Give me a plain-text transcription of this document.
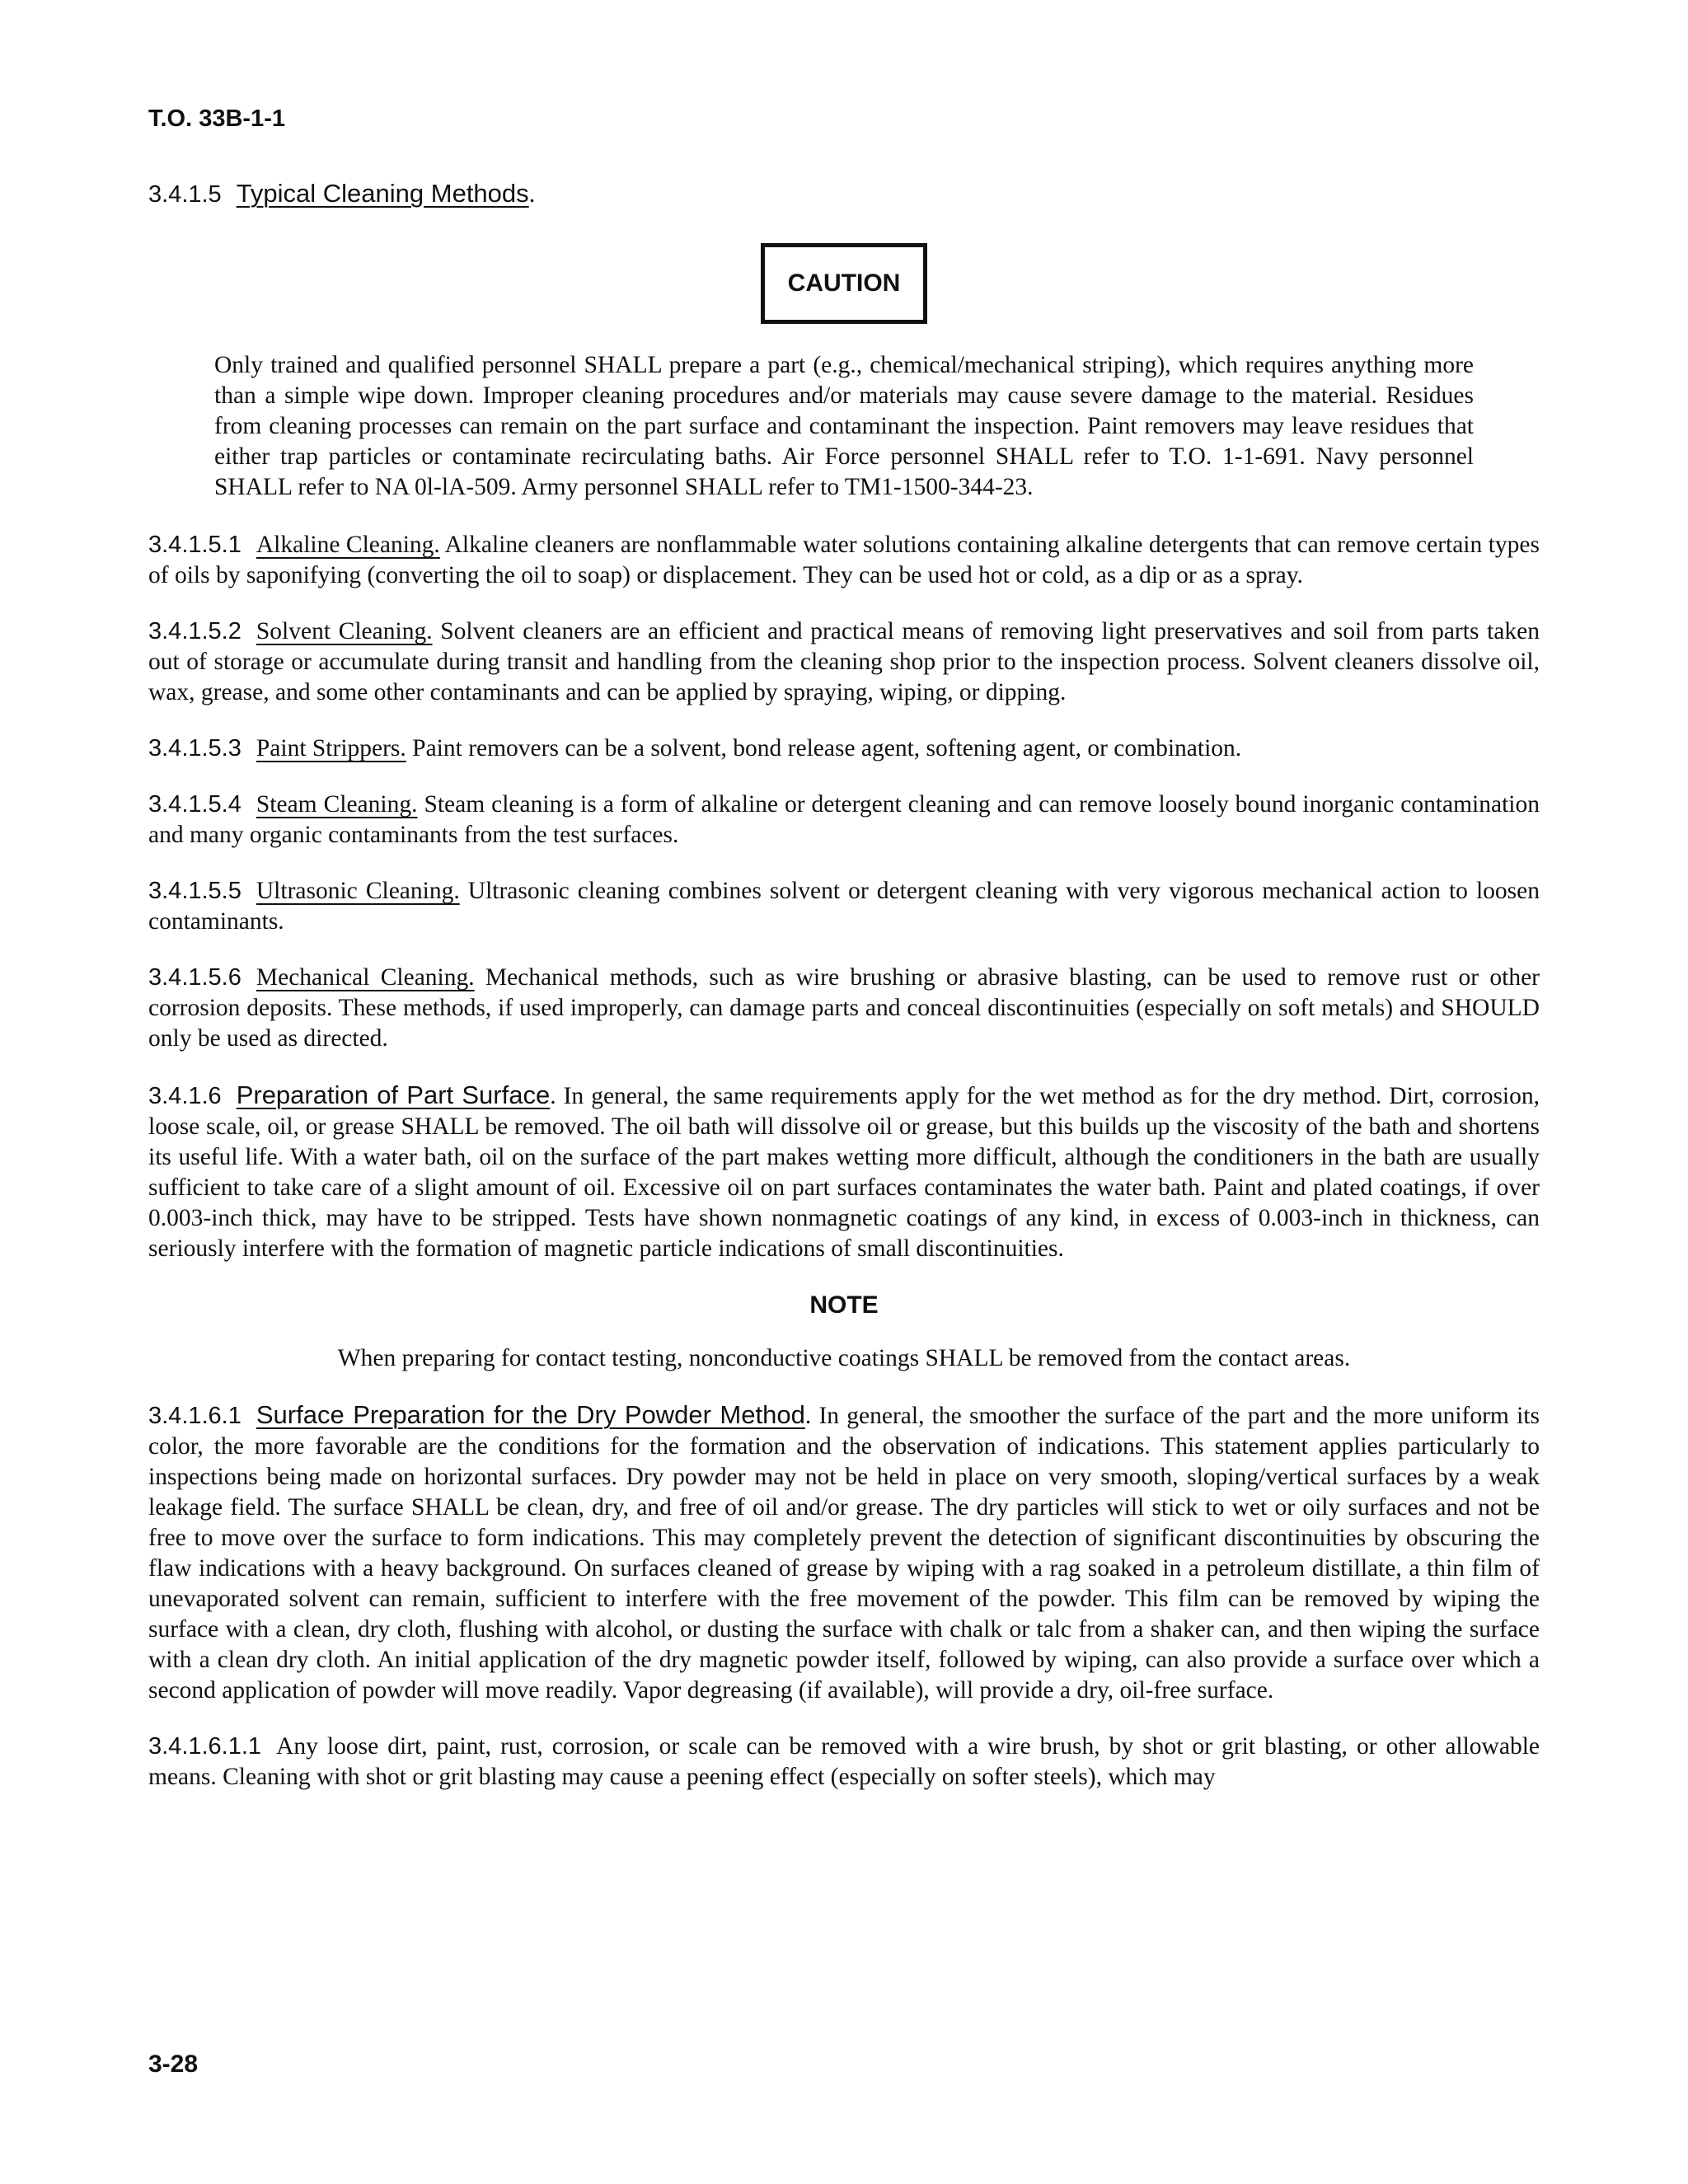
T.O. 33B-1-1

3.4.1.5 Typical Cleaning Methods.

CAUTION

Only trained and qualified personnel SHALL prepare a part (e.g., chemical/mechanical striping), which requires anything more than a simple wipe down. Improper cleaning procedures and/or materials may cause severe damage to the material. Residues from cleaning processes can remain on the part surface and contaminant the inspection. Paint removers may leave residues that either trap particles or contaminate recirculating baths. Air Force personnel SHALL refer to T.O. 1-1-691. Navy personnel SHALL refer to NA 0l-lA-509. Army personnel SHALL refer to TM1-1500-344-23.

3.4.1.5.1 Alkaline Cleaning. Alkaline cleaners are nonflammable water solutions containing alkaline detergents that can remove certain types of oils by saponifying (converting the oil to soap) or displacement. They can be used hot or cold, as a dip or as a spray.

3.4.1.5.2 Solvent Cleaning. Solvent cleaners are an efficient and practical means of removing light preservatives and soil from parts taken out of storage or accumulate during transit and handling from the cleaning shop prior to the inspection process. Solvent cleaners dissolve oil, wax, grease, and some other contaminants and can be applied by spraying, wiping, or dipping.

3.4.1.5.3 Paint Strippers. Paint removers can be a solvent, bond release agent, softening agent, or combination.

3.4.1.5.4 Steam Cleaning. Steam cleaning is a form of alkaline or detergent cleaning and can remove loosely bound inorganic contamination and many organic contaminants from the test surfaces.

3.4.1.5.5 Ultrasonic Cleaning. Ultrasonic cleaning combines solvent or detergent cleaning with very vigorous mechanical action to loosen contaminants.

3.4.1.5.6 Mechanical Cleaning. Mechanical methods, such as wire brushing or abrasive blasting, can be used to remove rust or other corrosion deposits. These methods, if used improperly, can damage parts and conceal discontinuities (especially on soft metals) and SHOULD only be used as directed.

3.4.1.6 Preparation of Part Surface. In general, the same requirements apply for the wet method as for the dry method. Dirt, corrosion, loose scale, oil, or grease SHALL be removed. The oil bath will dissolve oil or grease, but this builds up the viscosity of the bath and shortens its useful life. With a water bath, oil on the surface of the part makes wetting more difficult, although the conditioners in the bath are usually sufficient to take care of a slight amount of oil. Excessive oil on part surfaces contaminates the water bath. Paint and plated coatings, if over 0.003-inch thick, may have to be stripped. Tests have shown nonmagnetic coatings of any kind, in excess of 0.003-inch in thickness, can seriously interfere with the formation of magnetic particle indications of small discontinuities.

NOTE

When preparing for contact testing, nonconductive coatings SHALL be removed from the contact areas.

3.4.1.6.1 Surface Preparation for the Dry Powder Method. In general, the smoother the surface of the part and the more uniform its color, the more favorable are the conditions for the formation and the observation of indications. This statement applies particularly to inspections being made on horizontal surfaces. Dry powder may not be held in place on very smooth, sloping/vertical surfaces by a weak leakage field. The surface SHALL be clean, dry, and free of oil and/or grease. The dry particles will stick to wet or oily surfaces and not be free to move over the surface to form indications. This may completely prevent the detection of significant discontinuities by obscuring the flaw indications with a heavy background. On surfaces cleaned of grease by wiping with a rag soaked in a petroleum distillate, a thin film of unevaporated solvent can remain, sufficient to interfere with the free movement of the powder. This film can be removed by wiping the surface with a clean, dry cloth, flushing with alcohol, or dusting the surface with chalk or talc from a shaker can, and then wiping the surface with a clean dry cloth. An initial application of the dry magnetic powder itself, followed by wiping, can also provide a surface over which a second application of powder will move readily. Vapor degreasing (if available), will provide a dry, oil-free surface.

3.4.1.6.1.1 Any loose dirt, paint, rust, corrosion, or scale can be removed with a wire brush, by shot or grit blasting, or other allowable means. Cleaning with shot or grit blasting may cause a peening effect (especially on softer steels), which may

3-28
